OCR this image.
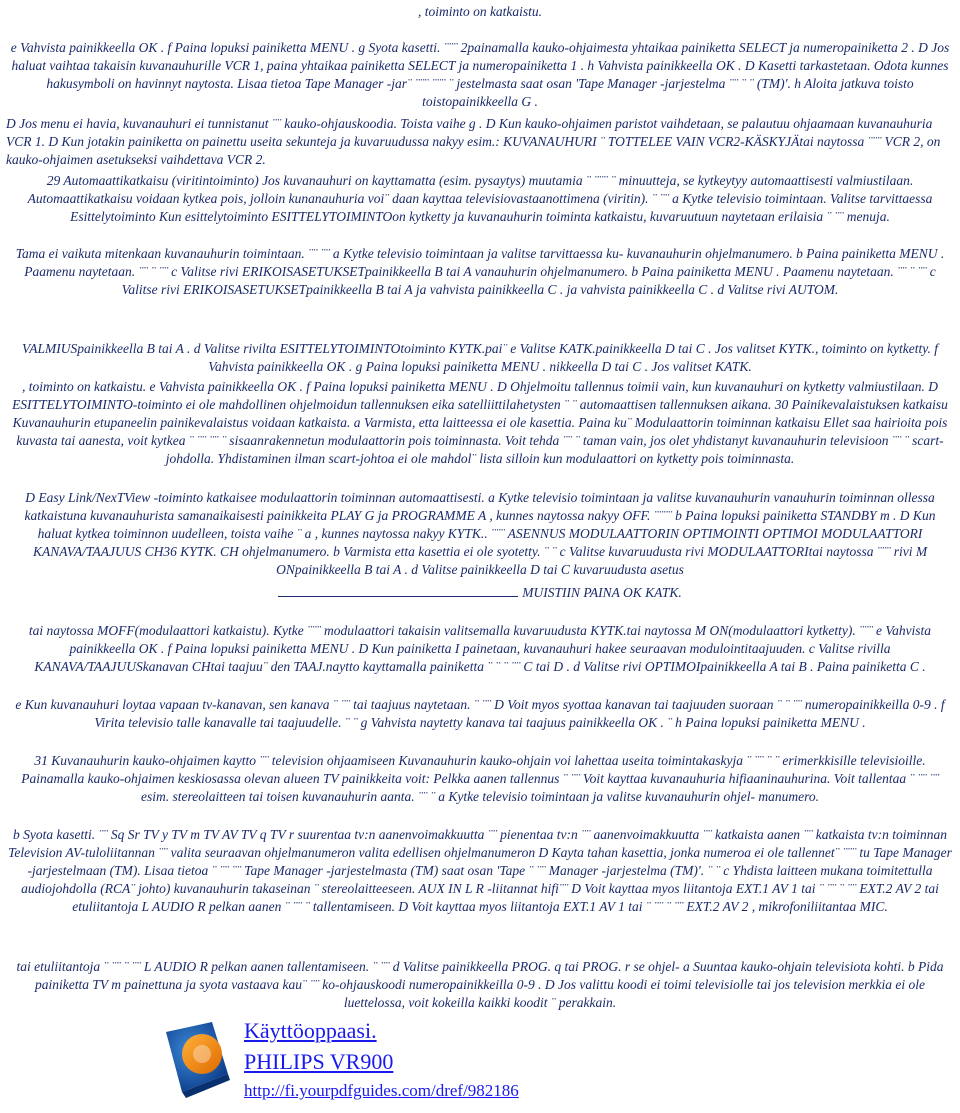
, toiminto on katkaistu.

e Vahvista painikkeella OK . f Paina lopuksi painiketta MENU . g Syota kasetti. ¨¨¨ 2painamalla kauko-ohjaimesta yhtaikaa painiketta SELECT ja numeropainiketta 2 . D Jos haluat vaihtaa takaisin kuvanauhurille VCR 1, paina yhtaikaa painiketta SELECT ja numeropainiketta 1 . h Vahvista painikkeella OK . D Kasetti tarkastetaan. Odota kunnes hakusymboli on havinnyt naytosta. Lisaa tietoa Tape Manager -jar¨ ¨¨¨ ¨¨¨ ¨ jestelmasta saat osan 'Tape Manager -jarjestelma ¨¨ ¨ ¨ (TM)'. h Aloita jatkuva toisto toistopainikkeella G .

D Jos menu ei havia, kuvanauhuri ei tunnistanut ¨¨ kauko-ohjauskoodia. Toista vaihe g . D Kun kauko-ohjaimen paristot vaihdetaan, se palautuu ohjaamaan kuvanauhuria VCR 1. D Kun jotakin painiketta on painettu useita sekunteja ja kuvaruudussa nakyy esim.: KUVANAUHURI ¨ TOTTELEE VAIN VCR2-KÄSKYJÄtai naytossa ¨¨¨ VCR 2, on kauko-ohjaimen asetukseksi vaihdettava VCR 2.

29 Automaattikatkaisu (viritintoiminto) Jos kuvanauhuri on kayttamatta (esim. pysaytys) muutamia ¨ ¨¨¨ ¨ minuutteja, se kytkeytyy automaattisesti valmiustilaan. Automaattikatkaisu voidaan kytkea pois, jolloin kunanauhuria voi¨ daan kayttaa televisiovastaanottimena (viritin). ¨ ¨¨ a Kytke televisio toimintaan. Valitse tarvittaessa Esittelytoiminto Kun esittelytoiminto ESITTELYTOIMINTOon kytketty ja kuvanauhurin toiminta katkaistu, kuvaruutuun naytetaan erilaisia ¨ ¨¨ menuja.

Tama ei vaikuta mitenkaan kuvanauhurin toimintaan. ¨¨ ¨¨ a Kytke televisio toimintaan ja valitse tarvittaessa ku- kuvanauhurin ohjelmanumero. b Paina painiketta MENU . Paamenu naytetaan. ¨¨ ¨ ¨¨ c Valitse rivi ERIKOISASETUKSETpainikkeella B tai A vanauhurin ohjelmanumero. b Paina painiketta MENU . Paamenu naytetaan. ¨¨ ¨ ¨¨ c Valitse rivi ERIKOISASETUKSETpainikkeella B tai A ja vahvista painikkeella C . ja vahvista painikkeella C . d Valitse rivi AUTOM.

VALMIUSpainikkeella B tai A . d Valitse rivilta ESITTELYTOIMINTOtoiminto KYTK.pai¨ e Valitse KATK.painikkeella D tai C . Jos valitset KYTK., toiminto on kytketty. f Vahvista painikkeella OK . g Paina lopuksi painiketta MENU . nikkeella D tai C . Jos valitset KATK.

, toiminto on katkaistu. e Vahvista painikkeella OK . f Paina lopuksi painiketta MENU . D Ohjelmoitu tallennus toimii vain, kun kuvanauhuri on kytketty valmiustilaan. D ESITTELYTOIMINTO-toiminto ei ole mahdollinen ohjelmoidun tallennuksen eika satelliittilahetysten ¨ ¨ automaattisen tallennuksen aikana. 30 Painikevalaistuksen katkaisu Kuvanauhurin etupaneelin painikevalaistus voidaan katkaista. a Varmista, etta laitteessa ei ole kasettia. Paina ku¨ Modulaattorin toiminnan katkaisu Ellet saa hairioita pois kuvasta tai aanesta, voit kytkea ¨ ¨¨ ¨¨ ¨ sisaanrakennetun modulaattorin pois toiminnasta. Voit tehda ¨¨ ¨ taman vain, jos olet yhdistanyt kuvanauhurin televisioon ¨¨ ¨ scart-johdolla. Yhdistaminen ilman scart-johtoa ei ole mahdol¨ lista silloin kun modulaattori on kytketty pois toiminnasta.

D Easy Link/NexTView -toiminto katkaisee modulaattorin toiminnan automaattisesti. a Kytke televisio toimintaan ja valitse kuvanauhurin vanauhurin toiminnan ollessa katkaistuna kuvanauhurista samanaikaisesti painikkeita PLAY G ja PROGRAMME A , kunnes naytossa nakyy OFF. ¨¨¨¨ b Paina lopuksi painiketta STANDBY m . D Kun haluat kytkea toiminnon uudelleen, toista vaihe ¨ a , kunnes naytossa nakyy KYTK.. ¨¨¨ ASENNUS MODULAATTORIN OPTIMOINTI OPTIMOI MODULAATTORI KANAVA/TAAJUUS CH36 KYTK. CH ohjelmanumero. b Varmista etta kasettia ei ole syotetty. ¨ ¨ c Valitse kuvaruudusta rivi MODULAATTORItai naytossa ¨¨¨ rivi M ONpainikkeella B tai A . d Valitse painikkeella D tai C kuvaruudusta asetus

MUISTIIN PAINA OK KATK.

tai naytossa MOFF(modulaattori katkaistu). Kytke ¨¨¨ modulaattori takaisin valitsemalla kuvaruudusta KYTK.tai naytossa M ON(modulaattori kytketty). ¨¨¨ e Vahvista painikkeella OK . f Paina lopuksi painiketta MENU . D Kun painiketta I painetaan, kuvanauhuri hakee seuraavan modulointitaajuuden. c Valitse rivilla KANAVA/TAAJUUSkanavan CHtai taajuu¨ den TAAJ.naytto kayttamalla painiketta ¨ ¨ ¨ ¨¨ C tai D . d Valitse rivi OPTIMOIpainikkeella A tai B . Paina painiketta C .

e Kun kuvanauhuri loytaa vapaan tv-kanavan, sen kanava ¨ ¨¨ tai taajuus naytetaan. ¨ ¨¨ D Voit myos syottaa kanavan tai taajuuden suoraan ¨ ¨ ¨¨ numeropainikkeilla 0-9 . f Virita televisio talle kanavalle tai taajuudelle. ¨ ¨ g Vahvista naytetty kanava tai taajuus painikkeella OK . ¨ h Paina lopuksi painiketta MENU .

31 Kuvanauhurin kauko-ohjaimen kaytto ¨¨ television ohjaamiseen Kuvanauhurin kauko-ohjain voi lahettaa useita toimintakaskyja ¨ ¨¨ ¨ ¨ erimerkkisille televisioille. Painamalla kauko-ohjaimen keskiosassa olevan alueen TV painikkeita voit: Pelkka aanen tallennus ¨ ¨¨ Voit kayttaa kuvanauhuria hifiaaninauhurina. Voit tallentaa ¨ ¨¨ ¨¨ esim. stereolaitteen tai toisen kuvanauhurin aanta. ¨¨ ¨ a Kytke televisio toimintaan ja valitse kuvanauhurin ohjel- manumero.

b Syota kasetti. ¨¨ Sq Sr TV y TV m TV AV TV q TV r suurentaa tv:n aanenvoimakkuutta ¨¨ pienentaa tv:n ¨¨ aanenvoimakkuutta ¨¨ katkaista aanen ¨¨ katkaista tv:n toiminnan Television AV-tuloliitannan ¨¨ valita seuraavan ohjelmanumeron valita edellisen ohjelmanumeron D Kayta tahan kasettia, jonka numeroa ei ole tallennet¨ ¨¨¨ tu Tape Manager -jarjestelmaan (TM). Lisaa tietoa ¨ ¨¨ ¨¨ Tape Manager -jarjestelmasta (TM) saat osan 'Tape ¨ ¨¨ Manager -jarjestelma (TM)'. ¨ ¨ c Yhdista laitteen mukana toimitettulla audiojohdolla (RCA¨ johto) kuvanauhurin takaseinan ¨ stereolaitteeseen. AUX IN L R -liitannat hifi¨¨ D Voit kayttaa myos liitantoja EXT.1 AV 1 tai ¨ ¨¨ ¨ ¨¨ EXT.2 AV 2 tai etuliitantoja L AUDIO R pelkan aanen ¨ ¨¨ ¨ tallentamiseen. D Voit kayttaa myos liitantoja EXT.1 AV 1 tai ¨ ¨¨ ¨ ¨¨ EXT.2 AV 2 , mikrofoniliitantaa MIC.

tai etuliitantoja ¨ ¨¨ ¨ ¨¨ L AUDIO R pelkan aanen tallentamiseen. ¨ ¨¨ d Valitse painikkeella PROG. q tai PROG. r se ohjel- a Suuntaa kauko-ohjain televisiota kohti. b Pida painiketta TV m painettuna ja syota vastaava kau¨ ¨¨ ko-ohjauskoodi numeropainikkeilla 0-9 . D Jos valittu koodi ei toimi televisiolle tai jos television merkkia ei ole luettelossa, voit kokeilla kaikki koodit ¨ perakkain.

Käyttöoppaasi.
PHILIPS VR900
http://fi.yourpdfguides.com/dref/982186
